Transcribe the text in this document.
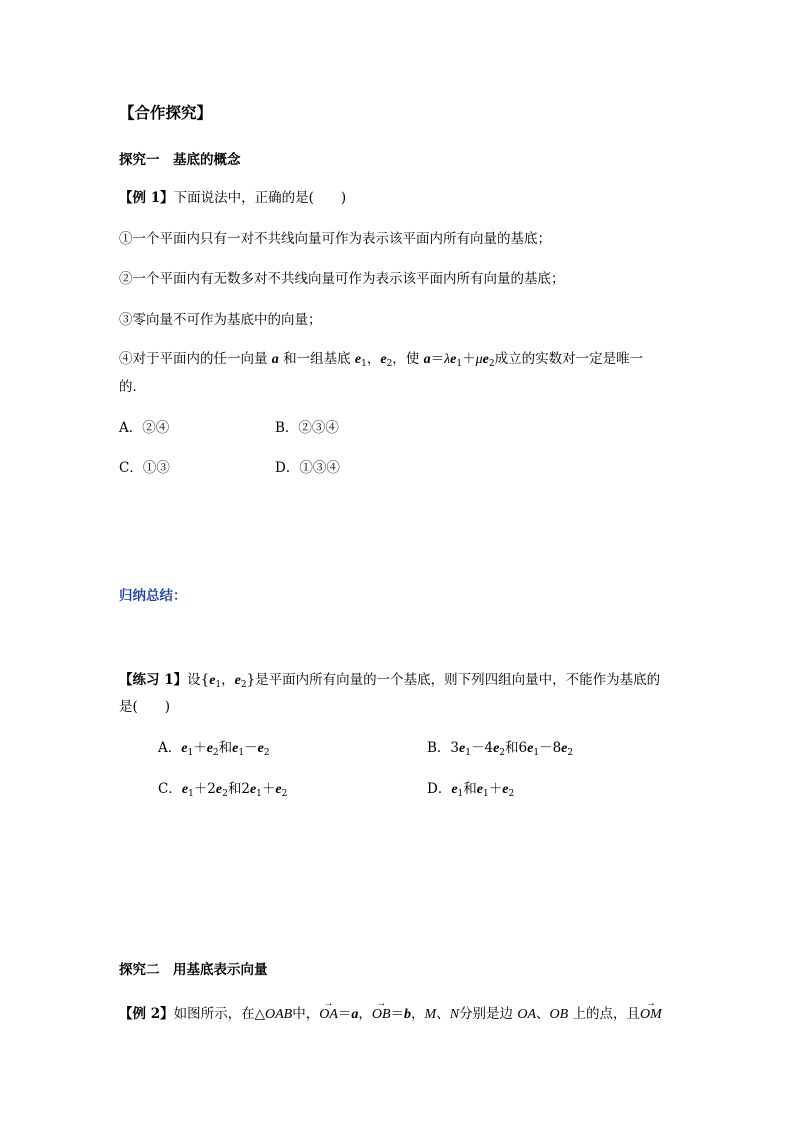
【合作探究】
探究一　基底的概念
【例 1】下面说法中，正确的是(　　)
①一个平面内只有一对不共线向量可作为表示该平面内所有向量的基底；
②一个平面内有无数多对不共线向量可作为表示该平面内所有向量的基底；
③零向量不可作为基底中的向量；
④对于平面内的任一向量 a 和一组基底 $e_1$，$e_2$，使 $a=\lambda e_1+\mu e_2$成立的实数对一定是唯一
的．
A．②④	B．②③④
C．①③	D．①③④
归纳总结：
【练习 1】设{$e_1$，$e_2$}是平面内所有向量的一个基底，则下列四组向量中，不能作为基底的
是(　　)
A．$e_1+e_2$和$e_1-e_2$	B．$3e_1-4e_2$和$6e_1-8e_2$
C．$e_1+2e_2$和$2e_1+e_2$	D．$e_1$和$e_1+e_2$
探究二　用基底表示向量
【例 2】如图所示，在△OAB中，→ OA＝a，→ OB＝b，M、N分别是边 OA、OB 上的点，且→ OM
